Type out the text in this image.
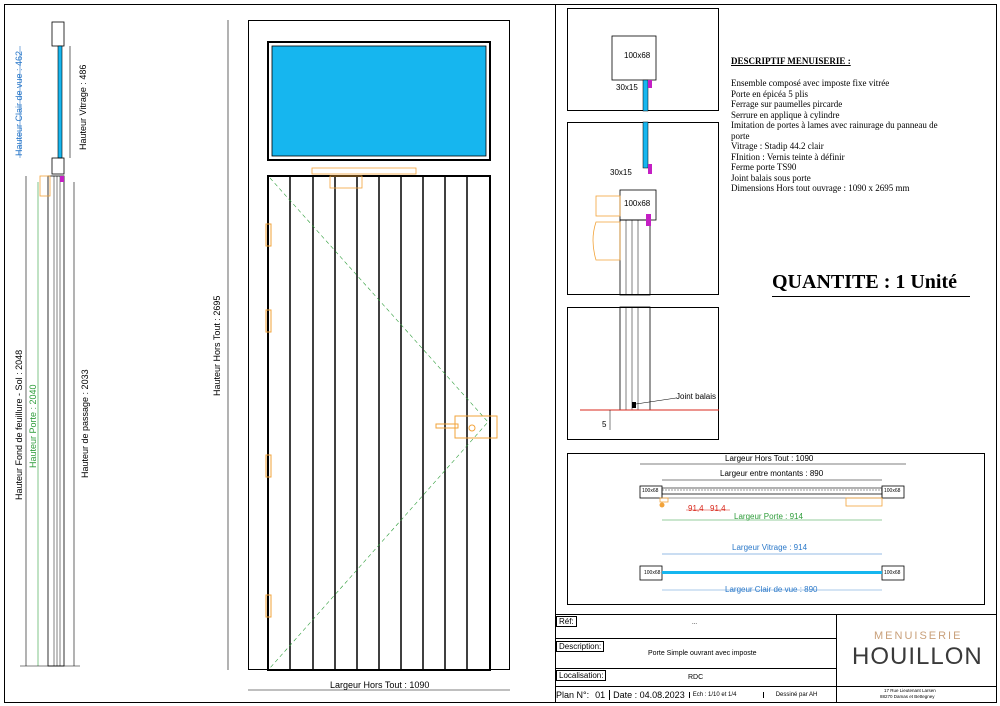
Hauteur Clair de vue : 462	Hauteur Vitrage : 486
Hauteur Fond de feuillure - Sol : 2048 Hauteur Porte : 2040	Hauteur de passage : 2033
Hauteur Hors Tout : 2695
Largeur Hors Tout : 1090
100x68
30x15
30x15
100x68
Joint balais
5
DESCRIPTIF MENUISERIE :
Ensemble composé avec imposte fixe vitrée
Porte en épicéa 5 plis
Ferrage sur paumelles pircarde
Serrure en applique à cylindre
Imitation de portes à lames avec rainurage du panneau de
porte
Vitrage : Stadip 44.2 clair
FInition : Vernis teinte à définir
Ferme porte TS90
Joint balais sous porte
Dimensions Hors tout ouvrage : 1090 x 2695 mm
QUANTITE : 1 Unité
Largeur Hors Tout : 1090
Largeur entre montants : 890
100x68	100x68
91,4 91,4
Largeur Porte : 914
Largeur Vitrage : 914
100x68	100x68
Largeur Clair de vue : 890
Réf:	...
Description:
Porte Simple ouvrant avec imposte
Localisation:	RDC
Plan N°: 01 Date : 04.08.2023	Ech : 1/10 et 1/4	Dessiné par AH
MENUISERIE
HOUILLON
17 Rue Lieutenant Larsen
88270 Damas et Bettegney
